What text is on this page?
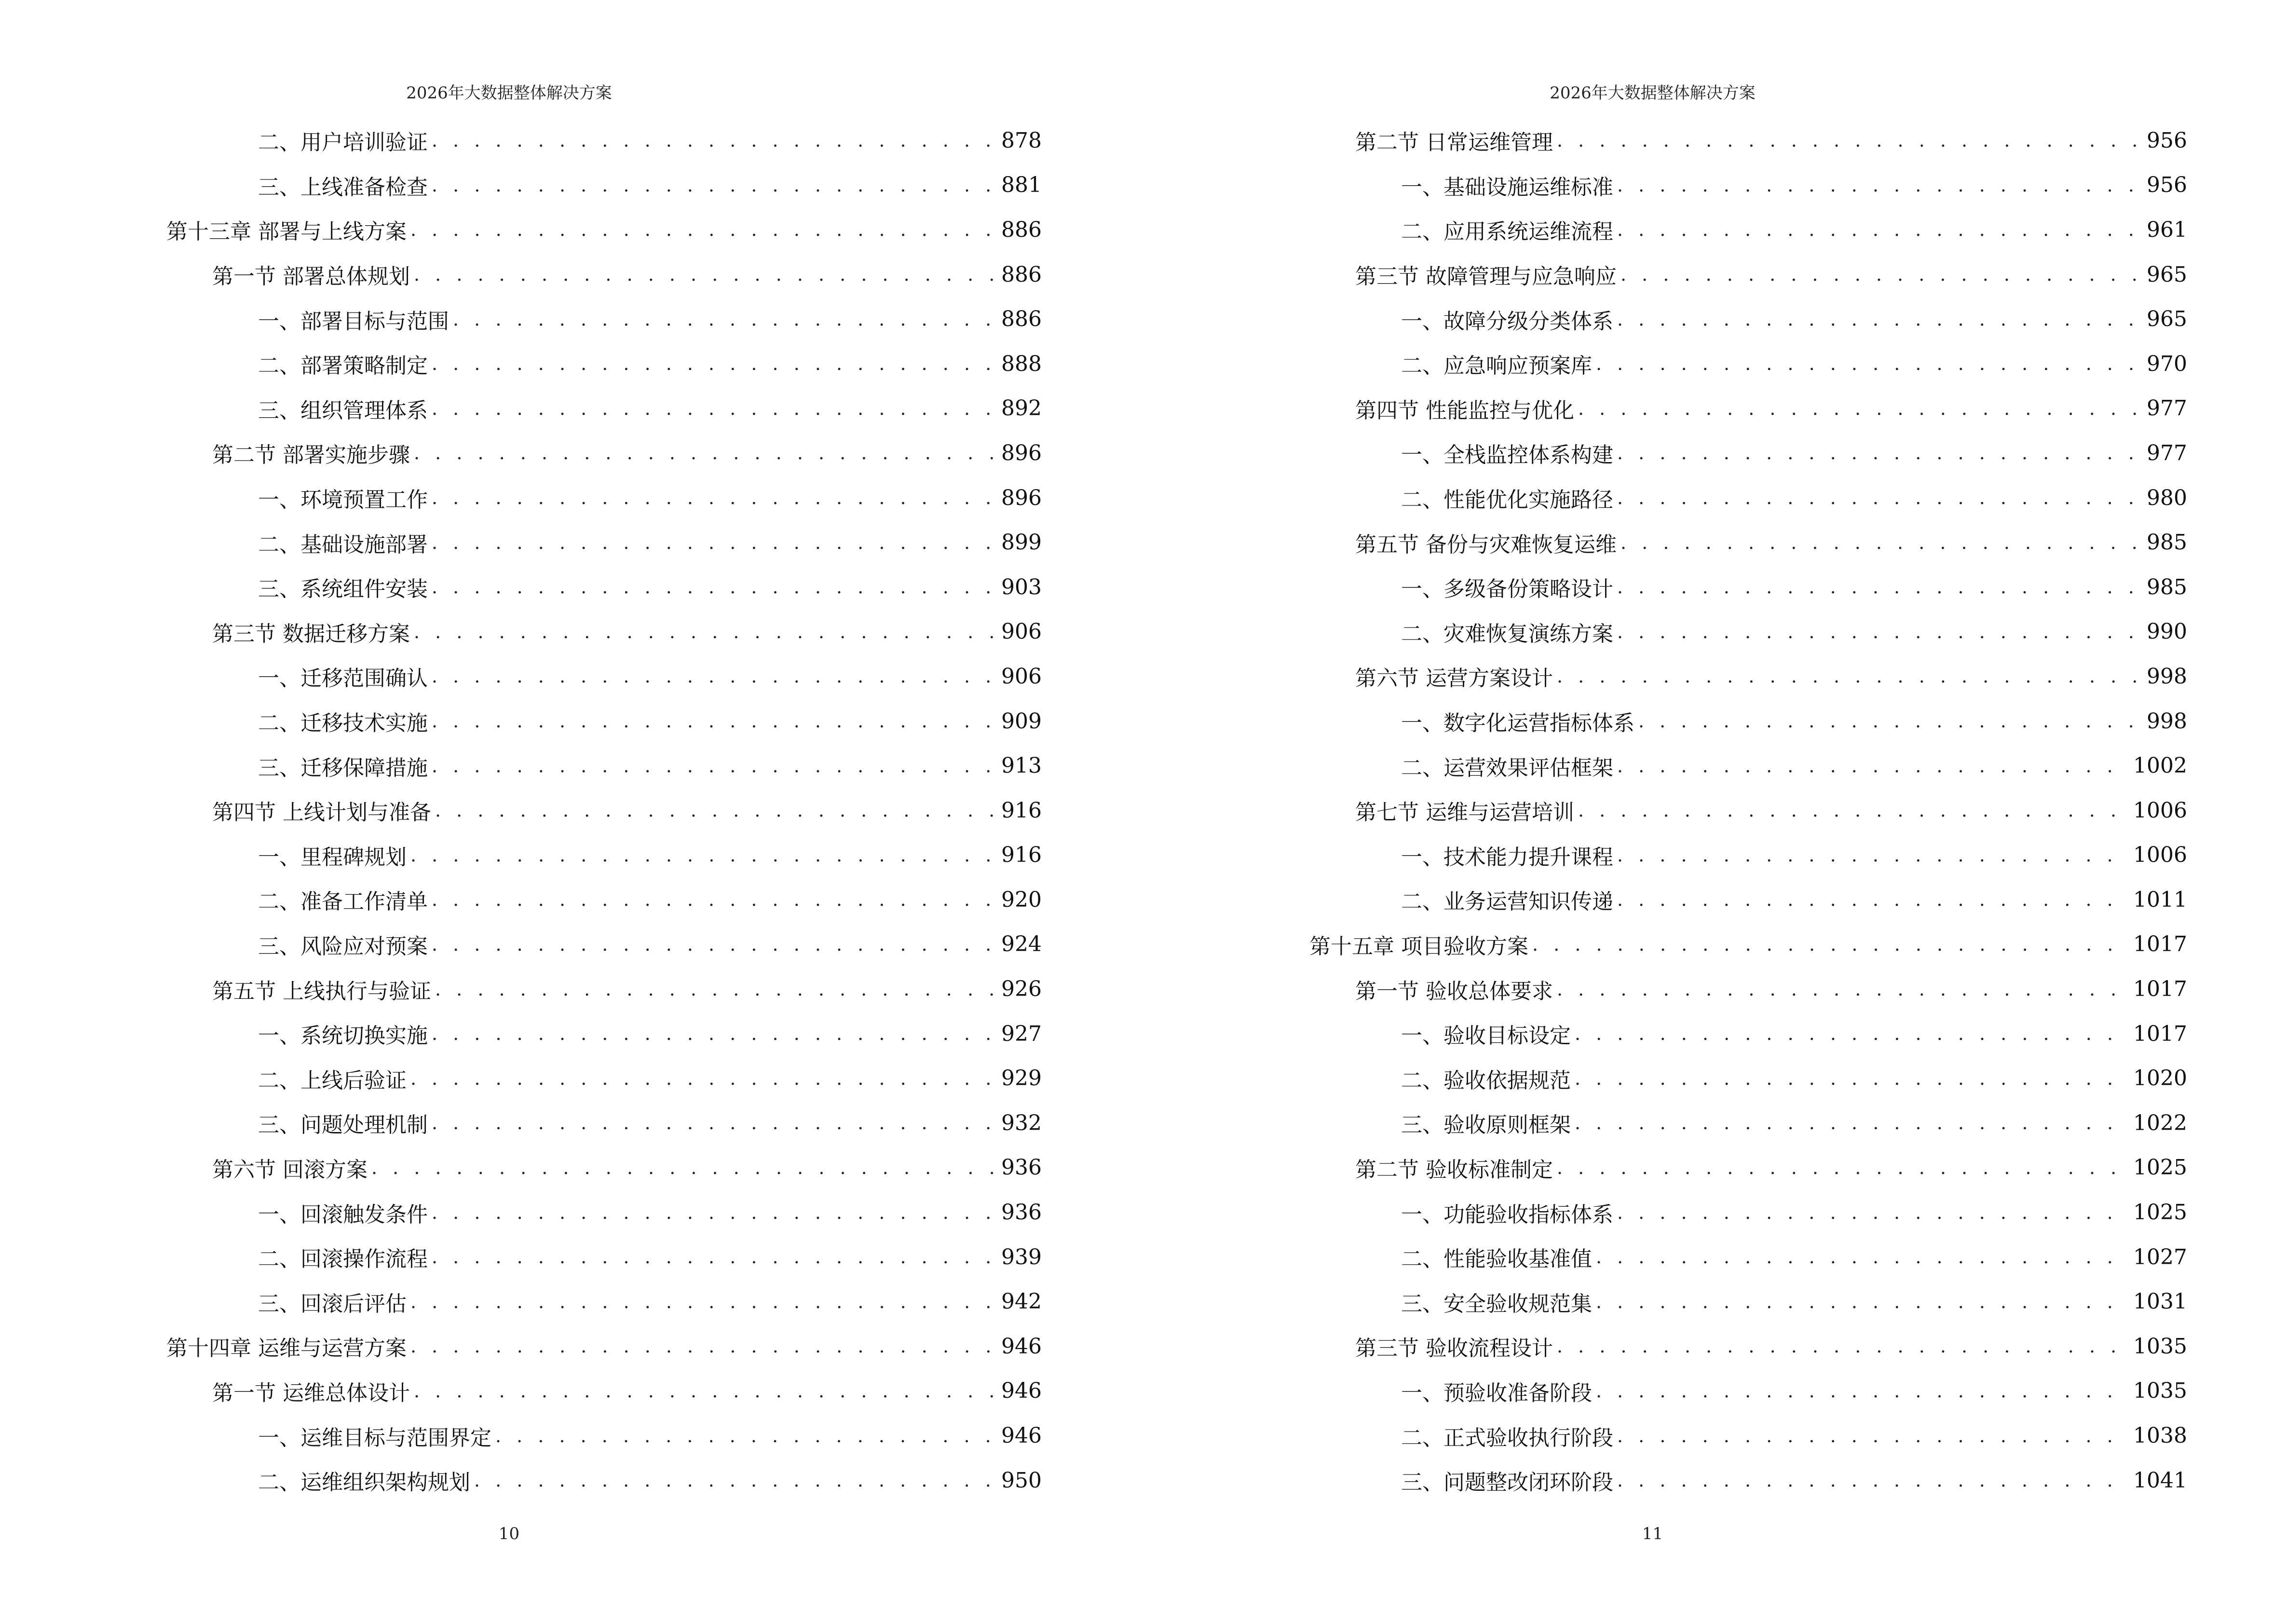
2026年大数据整体解决方案
二、用户培训验证 . . .	878
三、上线准备检查 . . .	881
第十三章 部署与上线方案 . . .	886
第一节 部署总体规划 . . .	886
一、部署目标与范围 . . .	886
二、部署策略制定 . . .	888
三、组织管理体系 . . .	892
第二节 部署实施步骤 . . .	896
一、环境预置工作 . . .	896
二、基础设施部署 . . .	899
三、系统组件安装 . . .	903
第三节 数据迁移方案 . . .	906
一、迁移范围确认 . . .	906
二、迁移技术实施 . . .	909
三、迁移保障措施 . . .	913
第四节 上线计划与准备 . . .	916
一、里程碑规划 . . .	916
二、准备工作清单 . . .	920
三、风险应对预案 . . .	924
第五节 上线执行与验证 . . .	926
一、系统切换实施 . . .	927
二、上线后验证 . . .	929
三、问题处理机制 . . .	932
第六节 回滚方案 . . .	936
一、回滚触发条件 . . .	936
二、回滚操作流程 . . .	939
三、回滚后评估 . . .	942
第十四章 运维与运营方案 . . .	946
第一节 运维总体设计 . . .	946
一、运维目标与范围界定 . . .	946
二、运维组织架构规划 . . .	950
10
2026年大数据整体解决方案
第二节 日常运维管理 . . .	956
一、基础设施运维标准 . . .	956
二、应用系统运维流程 . . .	961
第三节 故障管理与应急响应 . . .	965
一、故障分级分类体系 . . .	965
二、应急响应预案库 . . .	970
第四节 性能监控与优化 . . .	977
一、全栈监控体系构建 . . .	977
二、性能优化实施路径 . . .	980
第五节 备份与灾难恢复运维 . . .	985
一、多级备份策略设计 . . .	985
二、灾难恢复演练方案 . . .	990
第六节 运营方案设计 . . .	998
一、数字化运营指标体系 . . .	998
二、运营效果评估框架 . . .	1002
第七节 运维与运营培训 . . .	1006
一、技术能力提升课程 . . .	1006
二、业务运营知识传递 . . .	1011
第十五章 项目验收方案 . . .	1017
第一节 验收总体要求 . . .	1017
一、验收目标设定 . . .	1017
二、验收依据规范 . . .	1020
三、验收原则框架 . . .	1022
第二节 验收标准制定 . . .	1025
一、功能验收指标体系 . . .	1025
二、性能验收基准值 . . .	1027
三、安全验收规范集 . . .	1031
第三节 验收流程设计 . . .	1035
一、预验收准备阶段 . . .	1035
二、正式验收执行阶段 . . .	1038
三、问题整改闭环阶段 . . .	1041
11
